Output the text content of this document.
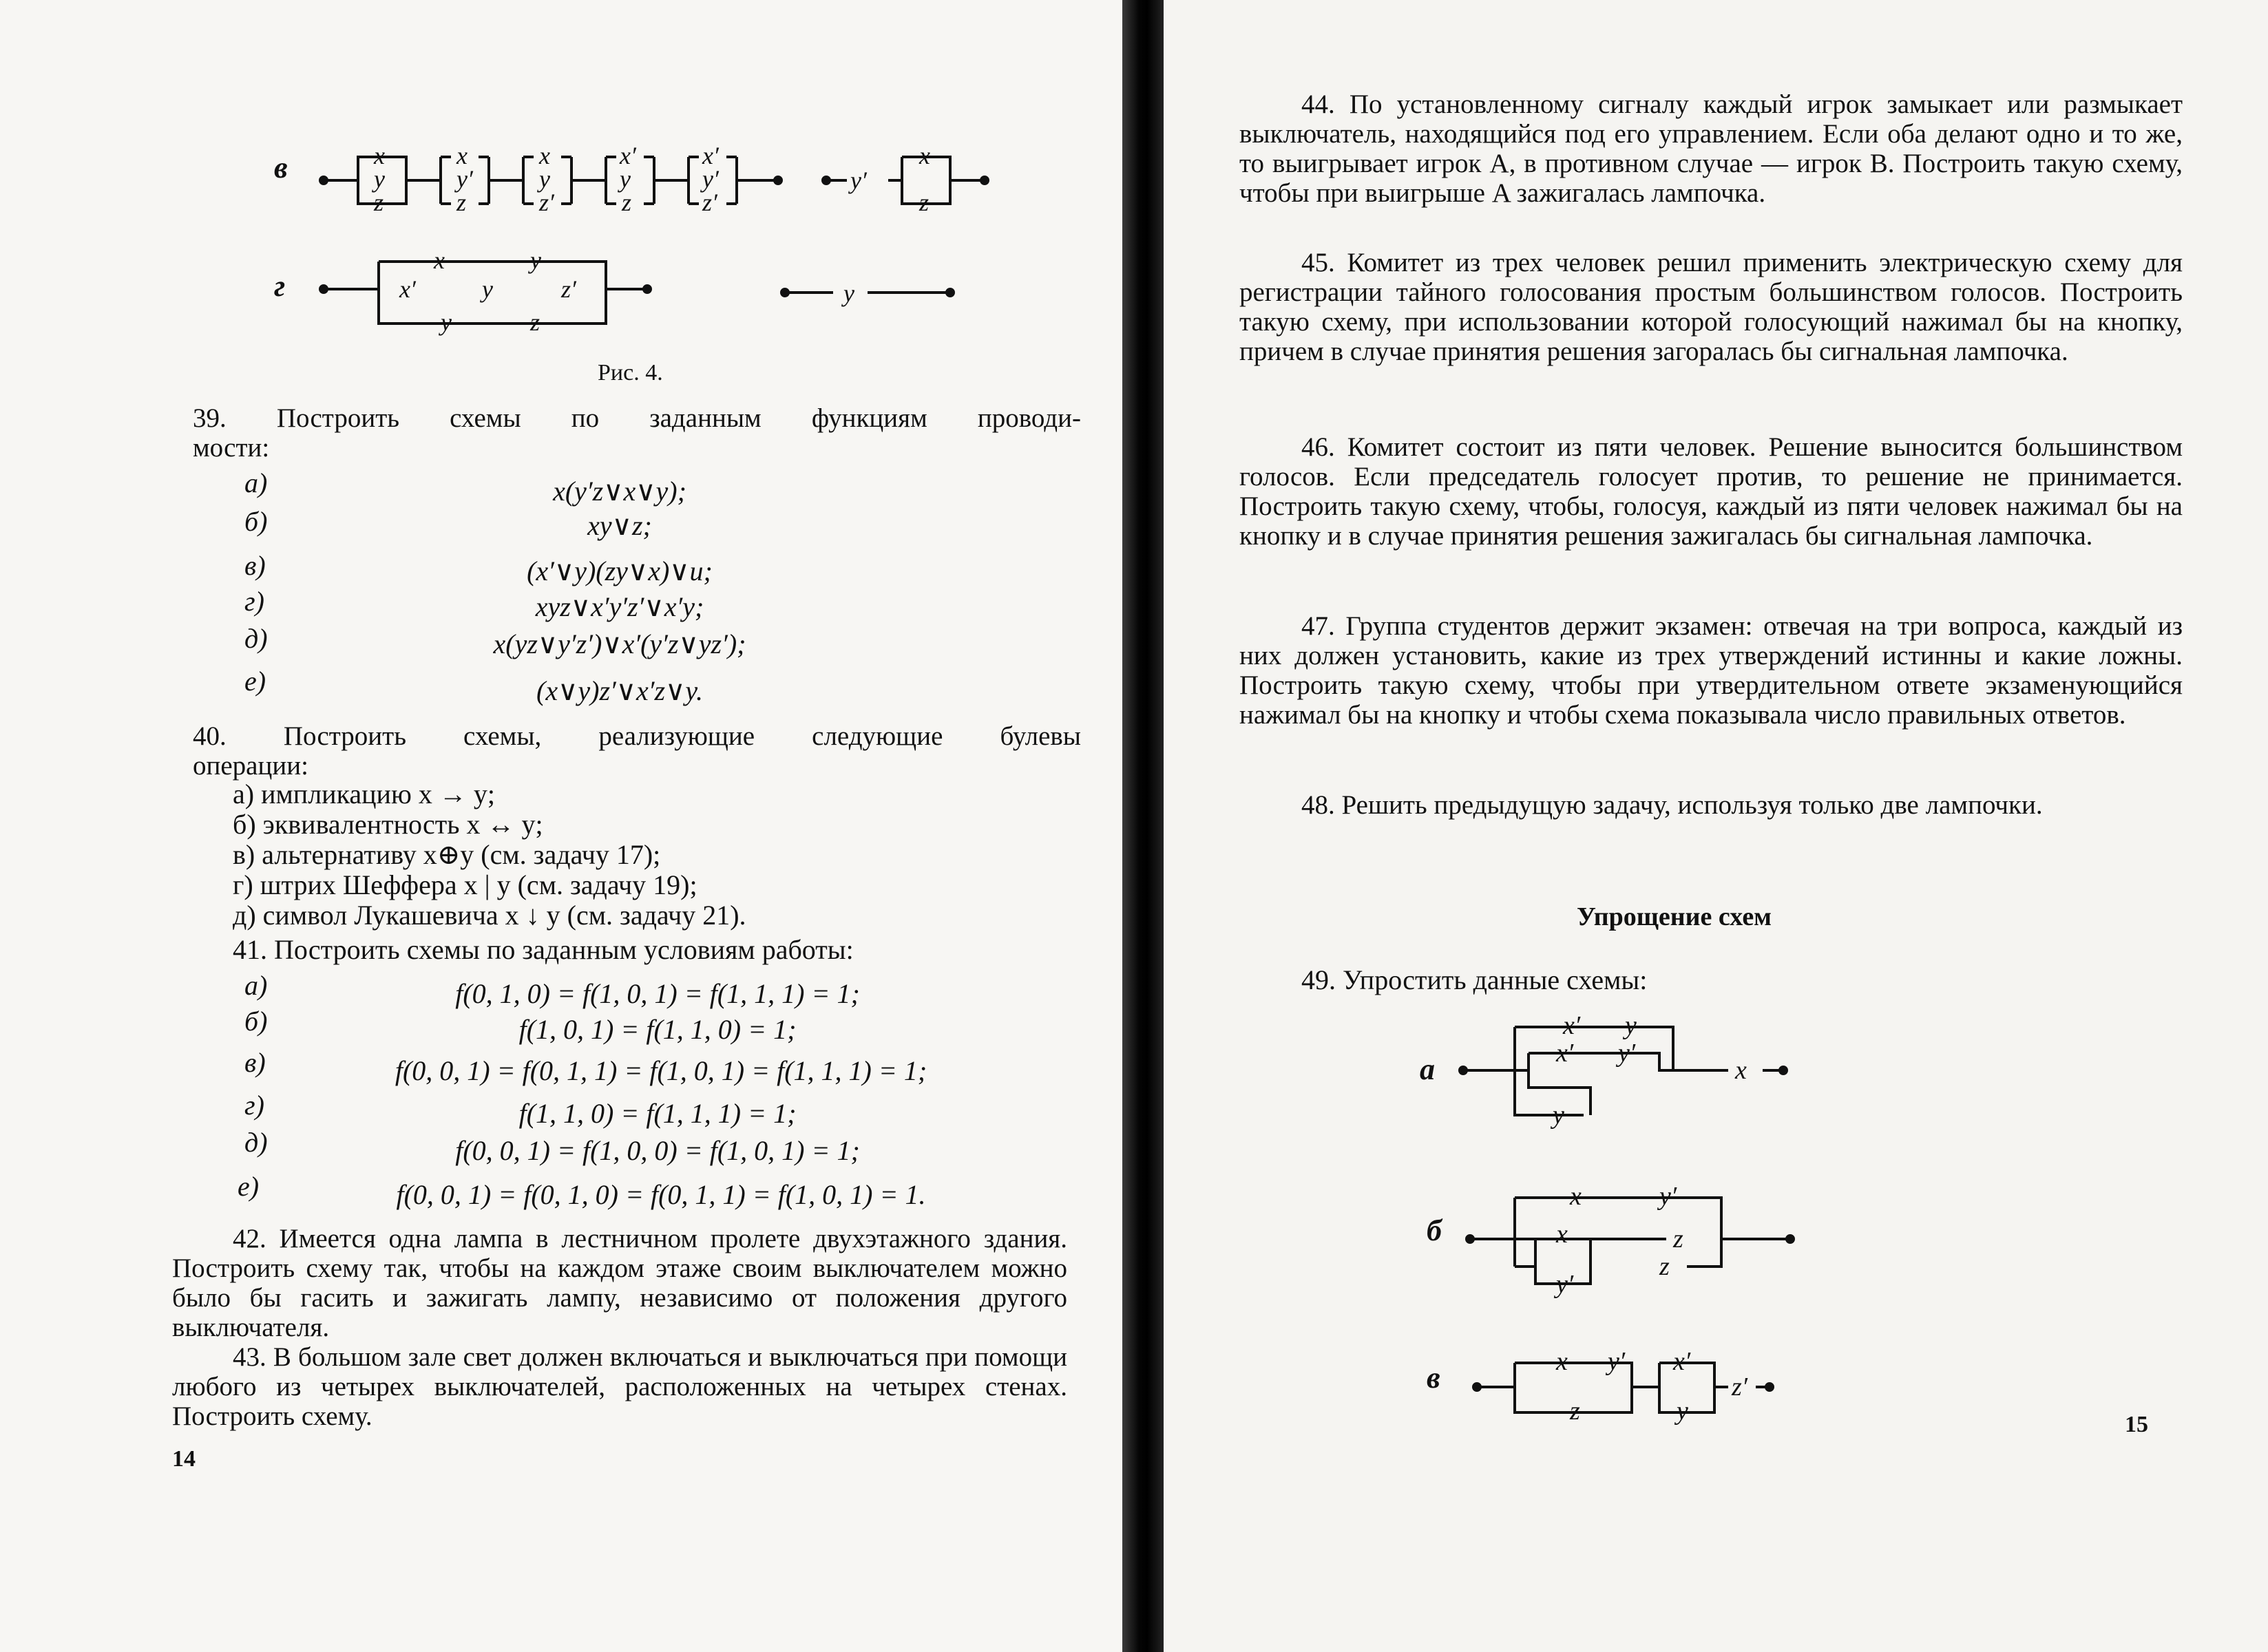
в
г
x
y
z
x
y′
z
x
y
z′
x′
y
z
x′
y′
z′
y′
x
z
x	y
x′	y	z′
y	z
y
Рис. 4.

39. Построить схемы по заданным функциям проводи-

мости:

а)	x(y′z∨x∨y);
б)	xy∨z;
в)	(x′∨y)(zy∨x)∨u;
г)	xyz∨x′y′z′∨x′y;
д)	x(yz∨y′z′)∨x′(y′z∨yz′);
е)	(x∨y)z′∨x′z∨y.

40. Построить схемы, реализующие следующие булевы

операции:

а) импликацию x → y;
б) эквивалентность x ↔ y;
в) альтернативу x⊕y (см. задачу 17);
г) штрих Шеффера x | y (см. задачу 19);
д) символ Лукашевича x ↓ y (см. задачу 21).
41. Построить схемы по заданным условиям работы:
а)	f(0, 1, 0) = f(1, 0, 1) = f(1, 1, 1) = 1;
б)	f(1, 0, 1) = f(1, 1, 0) = 1;
в)	f(0, 0, 1) = f(0, 1, 1) = f(1, 0, 1) = f(1, 1, 1) = 1;
г)	f(1, 1, 0) = f(1, 1, 1) = 1;
д)	f(0, 0, 1) = f(1, 0, 0) = f(1, 0, 1) = 1;
е)	f(0, 0, 1) = f(0, 1, 0) = f(0, 1, 1) = f(1, 0, 1) = 1.
42. Имеется одна лампа в лестничном пролете двухэтажного здания. Построить схему так, чтобы на каждом этаже своим выключателем можно было бы гасить и зажигать лампу, независимо от положения другого выключателя.
43. В большом зале свет должен включаться и выключаться при помощи любого из четырех выключателей, расположенных на четырех стенах. Построить схему.
14
44. По установленному сигналу каждый игрок замыкает или размыкает выключатель, находящийся под его управлением. Если оба делают одно и то же, то выигрывает игрок A, в противном случае — игрок B. Построить такую схему, чтобы при выигрыше A зажигалась лампочка.
45. Комитет из трех человек решил применить электрическую схему для регистрации тайного голосования простым большинством голосов. Построить такую схему, при использовании которой голосующий нажимал бы на кнопку, причем в случае принятия решения загоралась бы сигнальная лампочка.
46. Комитет состоит из пяти человек. Решение выносится большинством голосов. Если председатель голосует против, то решение не принимается. Построить такую схему, чтобы, голосуя, каждый из пяти человек нажимал бы на кнопку и в случае принятия решения зажигалась бы сигнальная лампочка.
47. Группа студентов держит экзамен: отвечая на три вопроса, каждый из них должен установить, какие из трех утверждений истинны и какие ложны. Построить такую схему, чтобы при утвердительном ответе экзаменующийся нажимал бы на кнопку и чтобы схема показывала число правильных ответов.
48. Решить предыдущую задачу, используя только две лампочки.
Упрощение схем
49. Упростить данные схемы:
а
б
в
x′ y
x′ y′
y
x
x	y′
x	z
y′
z
x y′
z
x′
y
z′
15
